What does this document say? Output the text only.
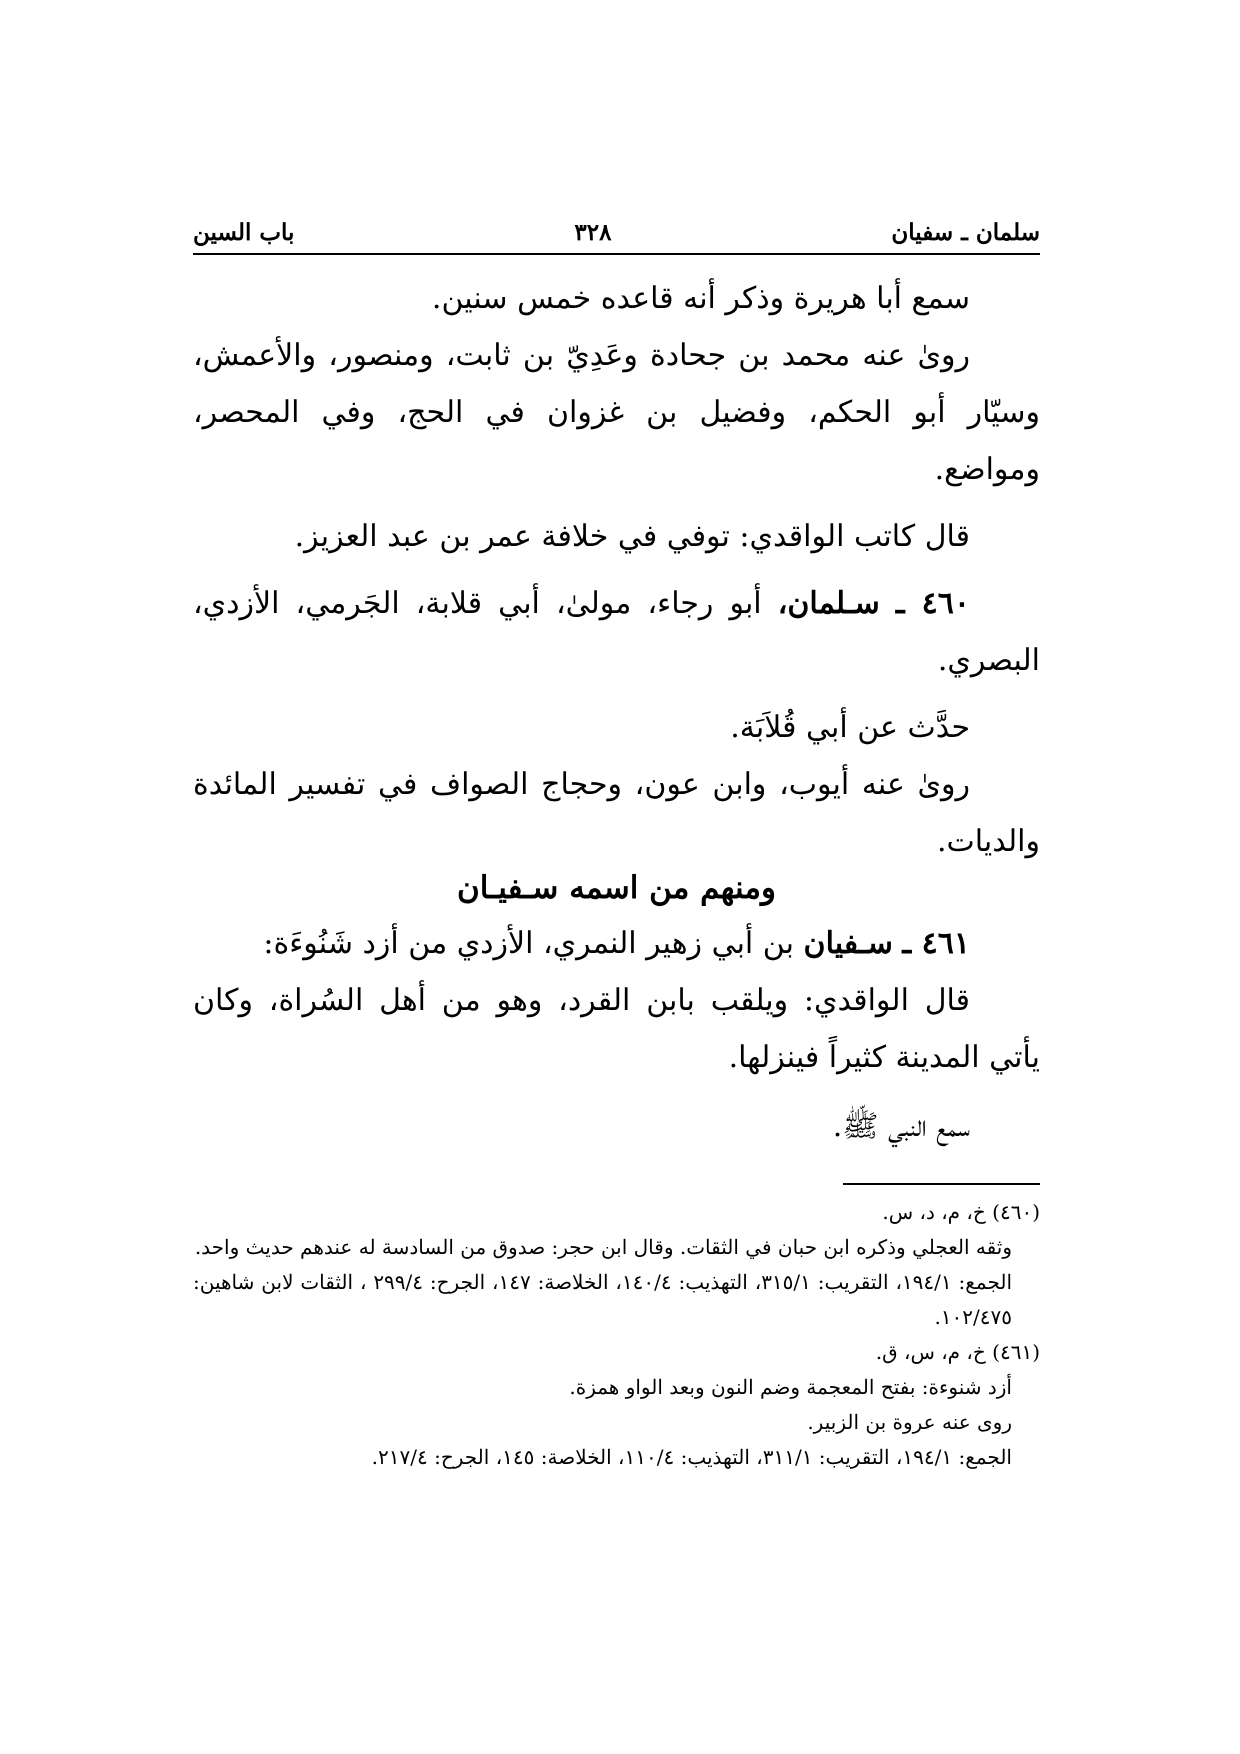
سلمان ـ سفيان
٣٢٨
باب السين

سمع أبا هريرة وذكر أنه قاعده خمس سنين.

روىٰ عنه محمد بن جحادة وعَدِيّ بن ثابت، ومنصور، والأعمش، وسيّار أبو الحكم، وفضيل بن غزوان في الحج، وفي المحصر، ومواضع.

قال كاتب الواقدي: توفي في خلافة عمر بن عبد العزيز.

٤٦٠ ـ سـلمان، أبو رجاء، مولىٰ، أبي قلابة، الجَرمي، الأزدي، البصري.

حدَّث عن أبي قُلاَبَة.

روىٰ عنه أيوب، وابن عون، وحجاج الصواف في تفسير المائدة والديات.

ومنهم من اسمه سـفيـان

٤٦١ ـ سـفيان بن أبي زهير النمري، الأزدي من أزد شَنُوءَة:

قال الواقدي: ويلقب بابن القرد، وهو من أهل السُراة، وكان يأتي المدينة كثيراً فينزلها.

سمع النبي ﷺ.

(٤٦٠) خ، م، د، س.

وثقه العجلي وذكره ابن حبان في الثقات. وقال ابن حجر: صدوق من السادسة له عندهم حديث واحد.

الجمع: ١٩٤/١، التقريب: ٣١٥/١، التهذيب: ١٤٠/٤، الخلاصة: ١٤٧، الجرح: ٢٩٩/٤ ، الثقات لابن شاهين: ١٠٢/٤٧٥.

(٤٦١) خ، م، س، ق.

أزد شنوءة: بفتح المعجمة وضم النون وبعد الواو همزة.

روى عنه عروة بن الزبير.

الجمع: ١٩٤/١، التقريب: ٣١١/١، التهذيب: ١١٠/٤، الخلاصة: ١٤٥، الجرح: ٢١٧/٤.
